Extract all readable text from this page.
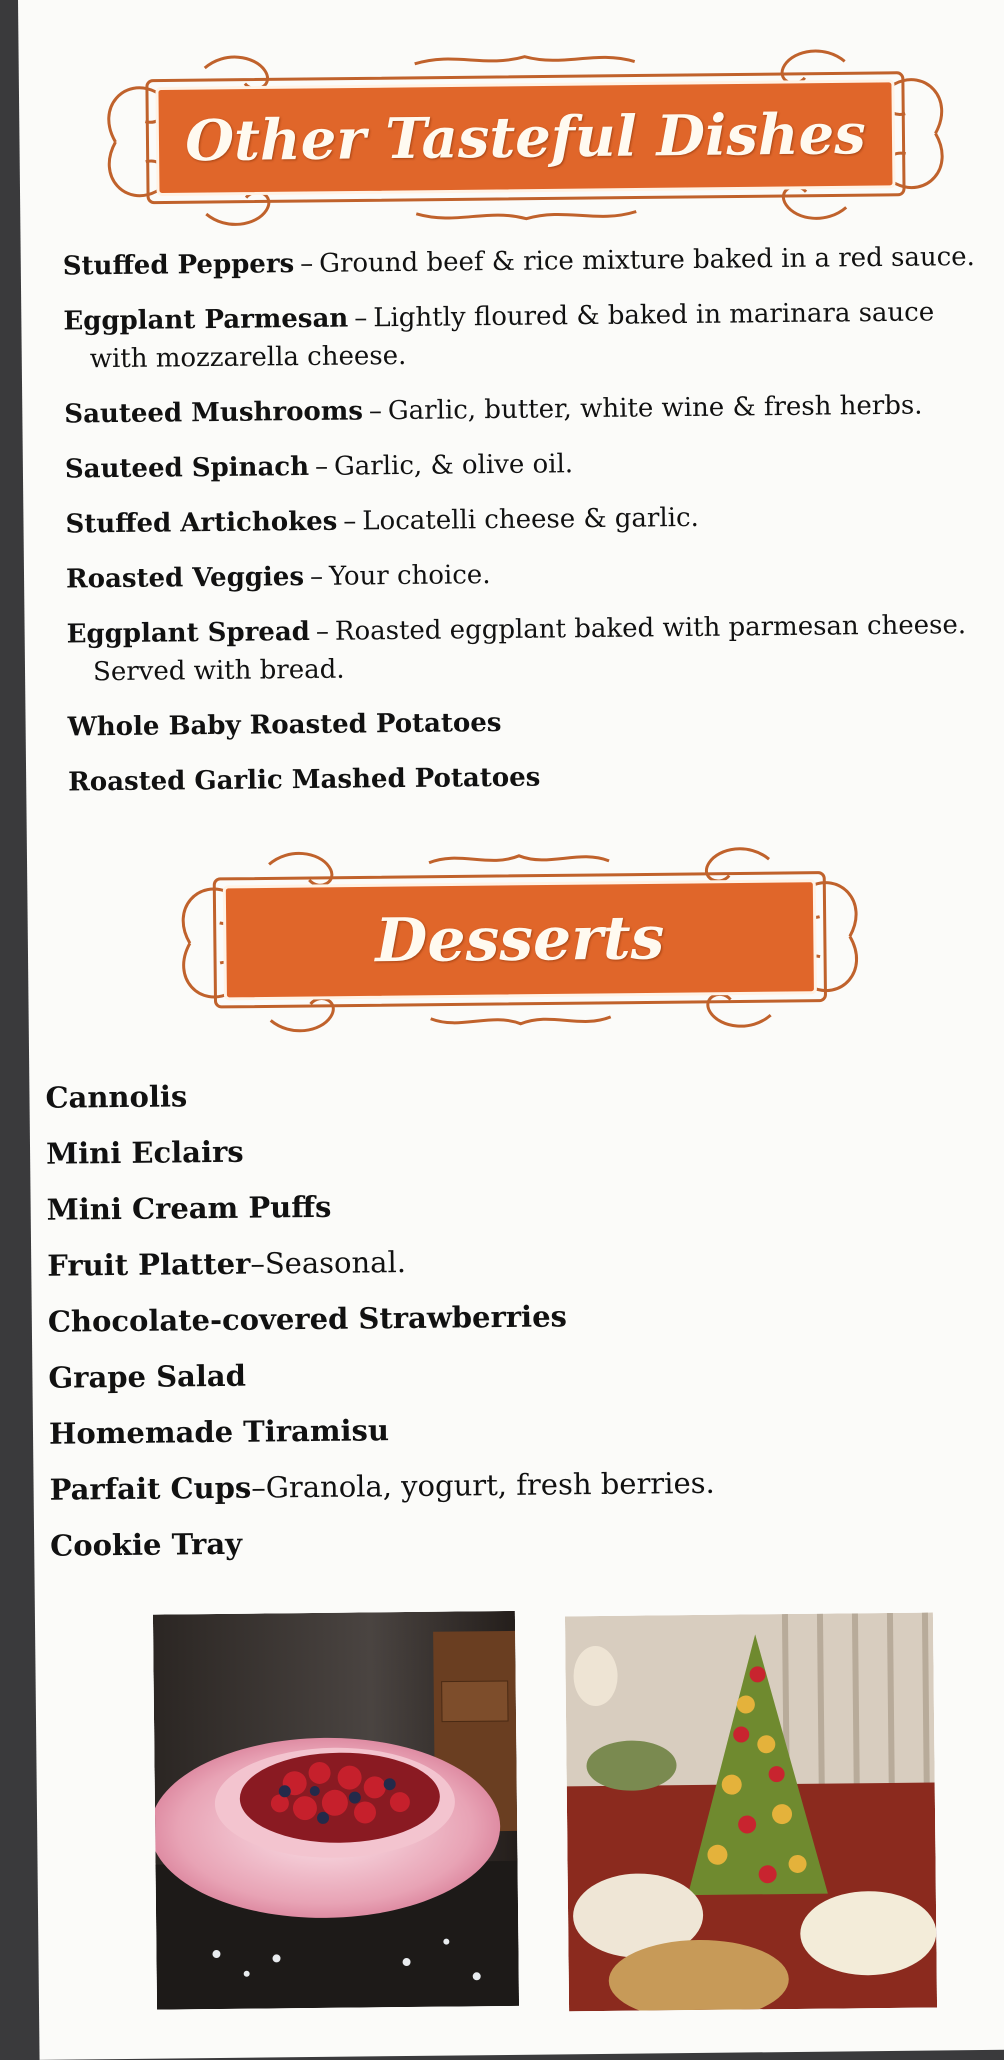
Other Tasteful Dishes
Stuffed Peppers – Ground beef & rice mixture baked in a red sauce.
Eggplant Parmesan – Lightly floured & baked in marinara sauce with mozzarella cheese.
Sauteed Mushrooms – Garlic, butter, white wine & fresh herbs.
Sauteed Spinach – Garlic, & olive oil.
Stuffed Artichokes – Locatelli cheese & garlic.
Roasted Veggies – Your choice.
Eggplant Spread – Roasted eggplant baked with parmesan cheese. Served with bread.
Whole Baby Roasted Potatoes
Roasted Garlic Mashed Potatoes
Desserts
Cannolis
Mini Eclairs
Mini Cream Puffs
Fruit Platter–Seasonal.
Chocolate-covered Strawberries
Grape Salad
Homemade Tiramisu
Parfait Cups–Granola, yogurt, fresh berries.
Cookie Tray
